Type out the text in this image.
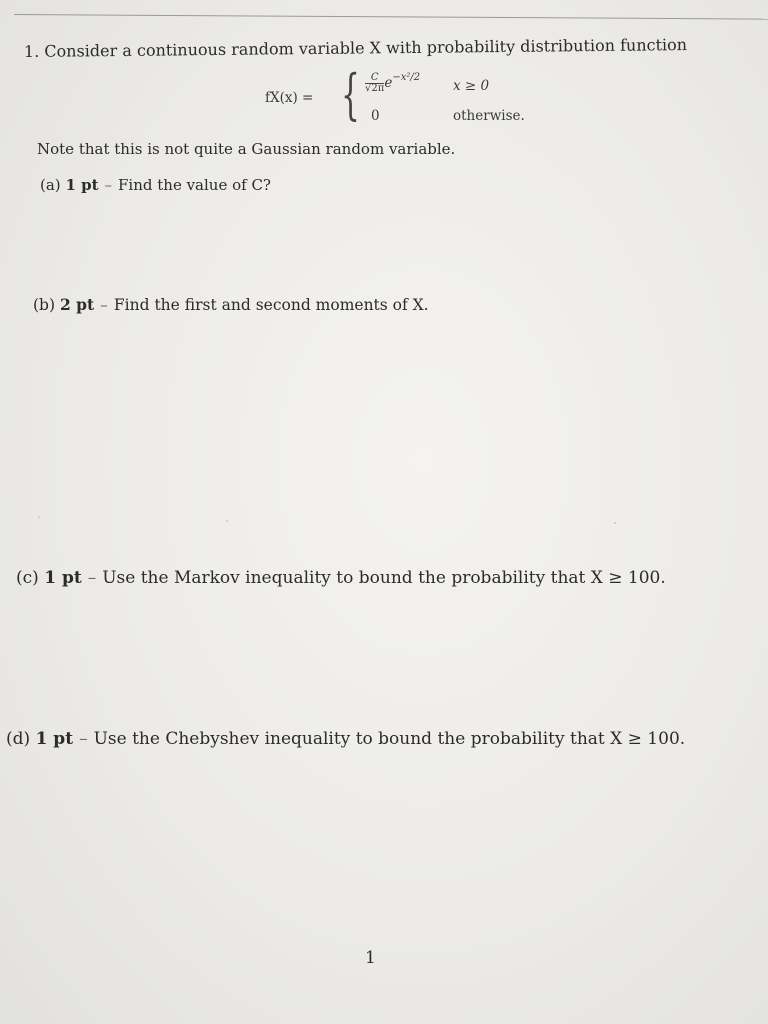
1. Consider a continuous random variable X with probability distribution function
fX(x) = { $\frac{C}{√2\pi} e^{-x^2/2}$
x ≥ 0
0	otherwise.
Note that this is not quite a Gaussian random variable.
(a) 1 pt – Find the value of C?
(b) 2 pt – Find the first and second moments of X.
(c) 1 pt – Use the Markov inequality to bound the probability that X ≥ 100.
(d) 1 pt – Use the Chebyshev inequality to bound the probability that X ≥ 100.
1
